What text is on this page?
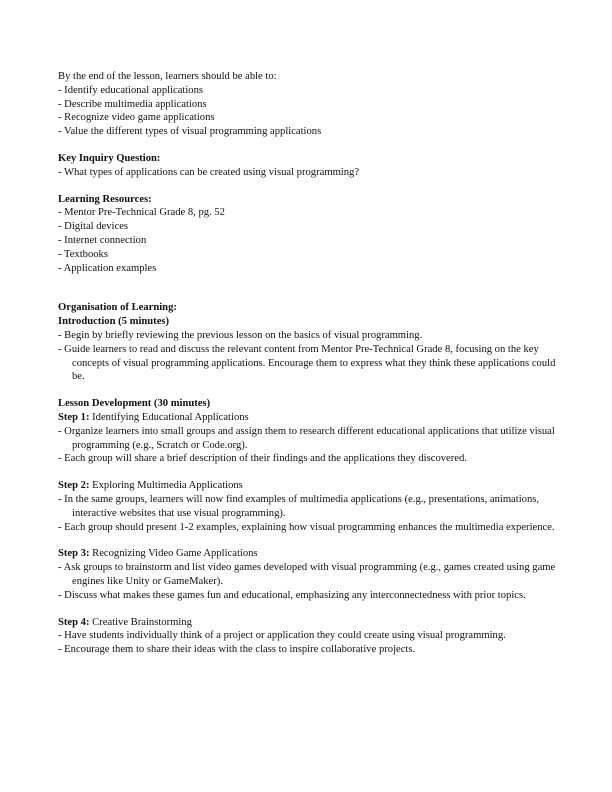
By the end of the lesson, learners should be able to:
- Identify educational applications
- Describe multimedia applications
- Recognize video game applications
- Value the different types of visual programming applications
Key Inquiry Question:
- What types of applications can be created using visual programming?
Learning Resources:
- Mentor Pre-Technical Grade 8, pg. 52
- Digital devices
- Internet connection
- Textbooks
- Application examples
Organisation of Learning:
Introduction (5 minutes)
- Begin by briefly reviewing the previous lesson on the basics of visual programming.
- Guide learners to read and discuss the relevant content from Mentor Pre-Technical Grade 8, focusing on the key concepts of visual programming applications. Encourage them to express what they think these applications could be.
Lesson Development (30 minutes)
Step 1: Identifying Educational Applications
- Organize learners into small groups and assign them to research different educational applications that utilize visual programming (e.g., Scratch or Code.org).
- Each group will share a brief description of their findings and the applications they discovered.
Step 2: Exploring Multimedia Applications
- In the same groups, learners will now find examples of multimedia applications (e.g., presentations, animations, interactive websites that use visual programming).
- Each group should present 1-2 examples, explaining how visual programming enhances the multimedia experience.
Step 3: Recognizing Video Game Applications
- Ask groups to brainstorm and list video games developed with visual programming (e.g., games created using game engines like Unity or GameMaker).
- Discuss what makes these games fun and educational, emphasizing any interconnectedness with prior topics.
Step 4: Creative Brainstorming
- Have students individually think of a project or application they could create using visual programming.
- Encourage them to share their ideas with the class to inspire collaborative projects.
